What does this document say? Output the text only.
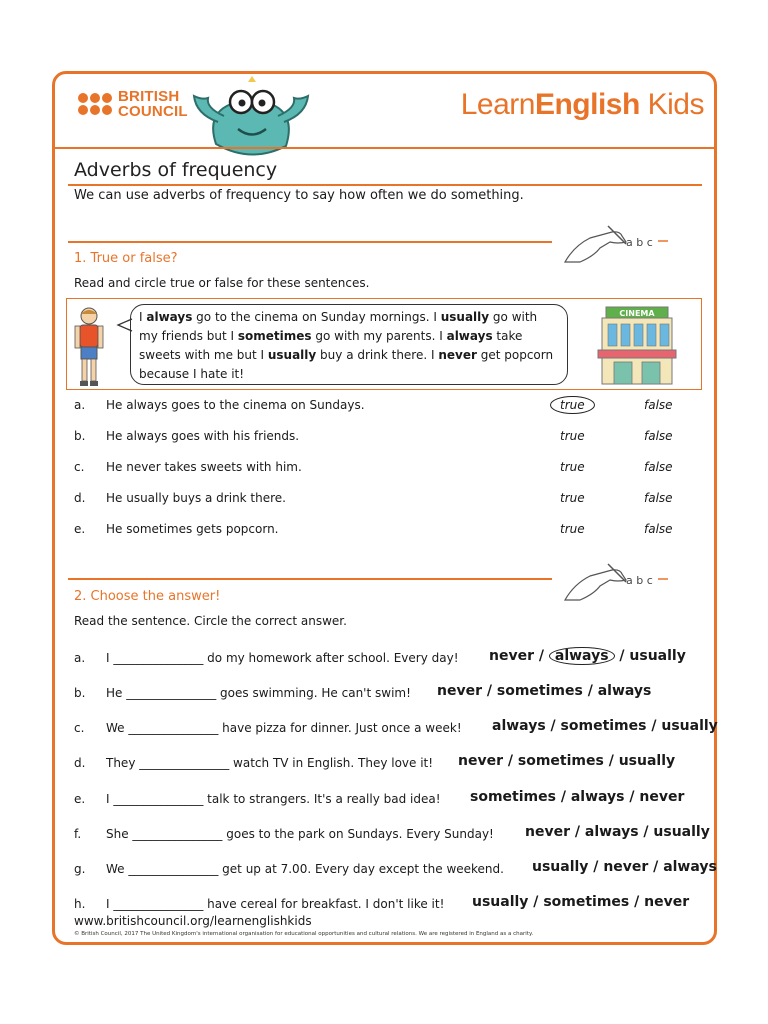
BRITISH
COUNCIL	LearnEnglish Kids
Adverbs of frequency
We can use adverbs of frequency to say how often we do something.
a b c
1. True or false?
Read and circle true or false for these sentences.
I always go to the cinema on Sunday mornings. I usually go with my friends but I sometimes go with my parents. I always take sweets with me but I usually buy a drink there. I never get popcorn because I hate it!
CINEMA
a. He always goes to the cinema on Sundays.	true	false
b. He always goes with his friends.	true	false
c. He never takes sweets with him.	true	false
d. He usually buys a drink there.	true	false
e. He sometimes gets popcorn.	true	false
a b c
2. Choose the answer!
Read the sentence. Circle the correct answer.
a. I _______________ do my homework after school. Every day! never / always / usually
b. He _______________ goes swimming. He can't swim! never / sometimes / always
c. We _______________ have pizza for dinner. Just once a week! always / sometimes / usually
d. They _______________ watch TV in English. They love it! never / sometimes / usually
e. I _______________ talk to strangers. It's a really bad idea! sometimes / always / never
f. She _______________ goes to the park on Sundays. Every Sunday! never / always / usually
g. We _______________ get up at 7.00. Every day except the weekend. usually / never / always
h. I _______________ have cereal for breakfast. I don't like it! usually / sometimes / never
www.britishcouncil.org/learnenglishkids
© British Council, 2017 The United Kingdom's international organisation for educational opportunities and cultural relations. We are registered in England as a charity.
